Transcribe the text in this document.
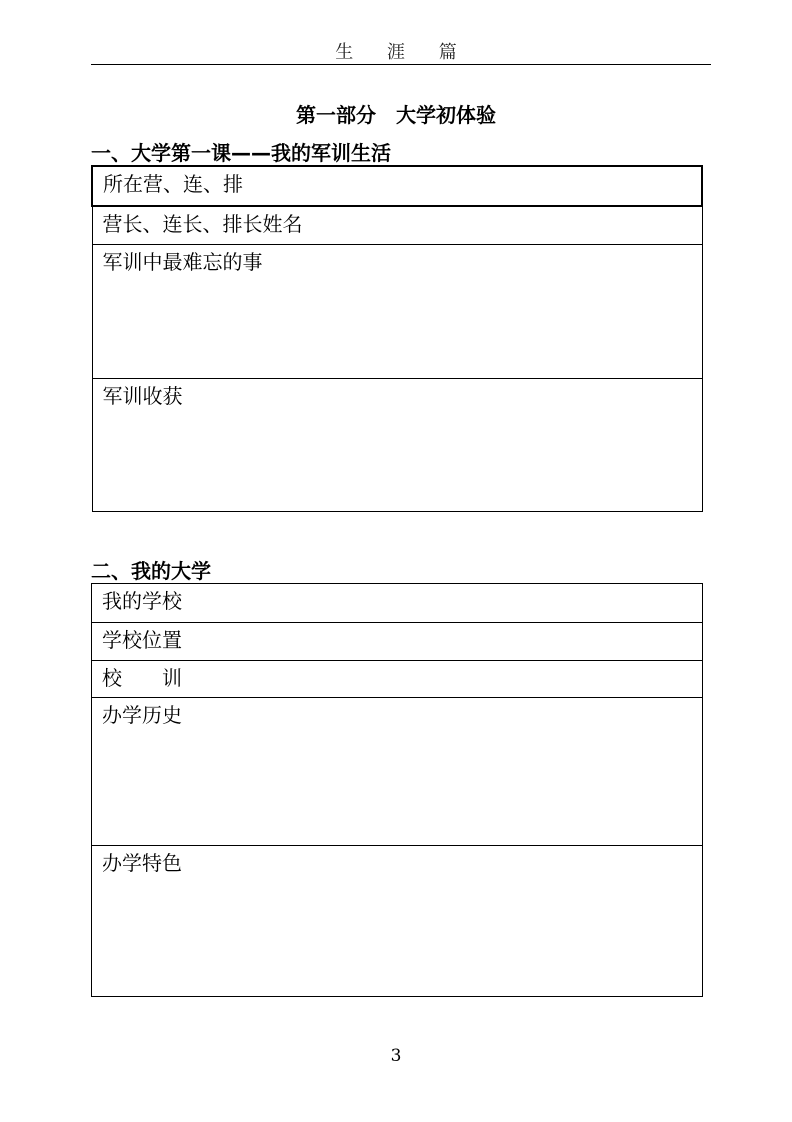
生 涯 篇
第一部分　大学初体验
一、大学第一课——我的军训生活
所在营、连、排
营长、连长、排长姓名
军训中最难忘的事
军训收获
二、我的大学
我的学校
学校位置
校　　训
办学历史
办学特色
3
